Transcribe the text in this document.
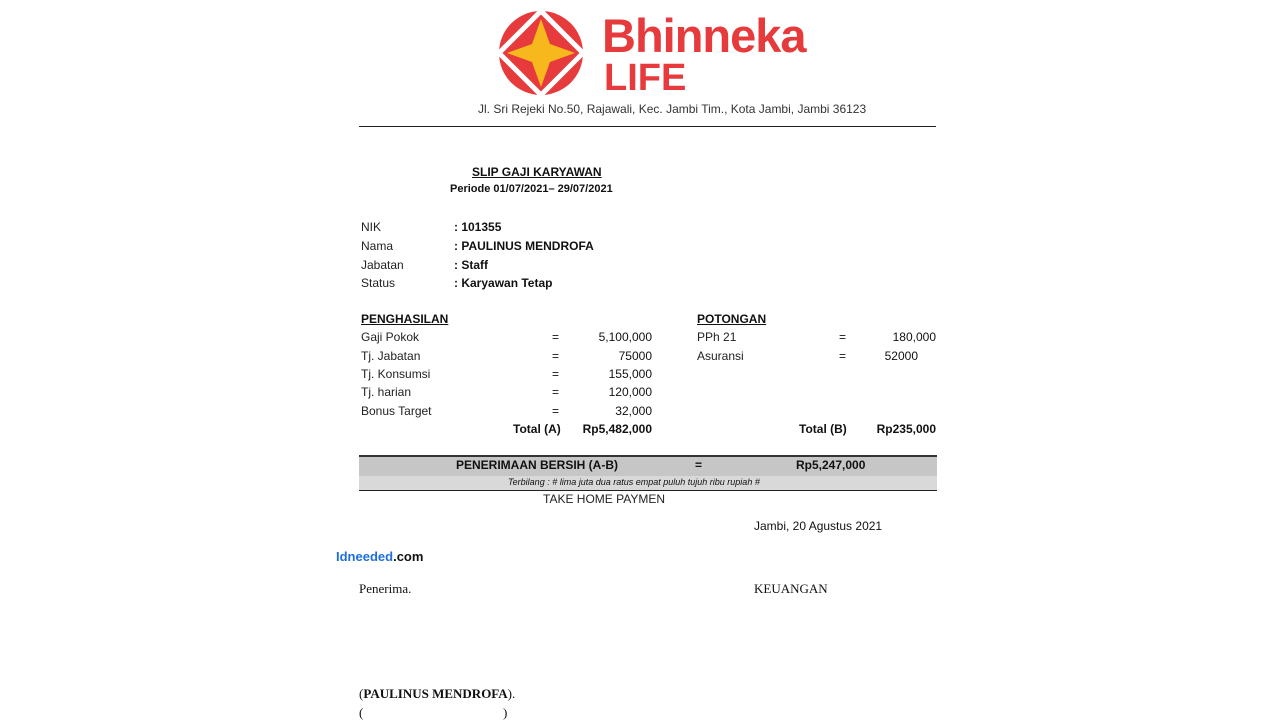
Bhinneka
LIFE
Jl. Sri Rejeki No.50, Rajawali, Kec. Jambi Tim., Kota Jambi, Jambi 36123
SLIP GAJI KARYAWAN
Periode 01/07/2021– 29/07/2021
NIK	: 101355
Nama	: PAULINUS MENDROFA
Jabatan	: Staff
Status	: Karyawan Tetap
PENGHASILAN
Gaji Pokok	=	5,100,000
Tj. Jabatan	=	75000
Tj. Konsumsi	=	155,000
Tj. harian	=	120,000
Bonus Target	=	32,000
Total (A)	Rp5,482,000
POTONGAN
PPh 21	=	180,000
Asuransi	=	52000
Total (B)	Rp235,000
PENERIMAAN BERSIH (A-B)	=	Rp5,247,000
Terbilang : # lima juta dua ratus empat puluh tujuh ribu rupiah #
TAKE HOME PAYMEN
Jambi, 20 Agustus 2021
Idneeded.com
Penerima.	KEUANGAN
(PAULINUS MENDROFA).
(	)
